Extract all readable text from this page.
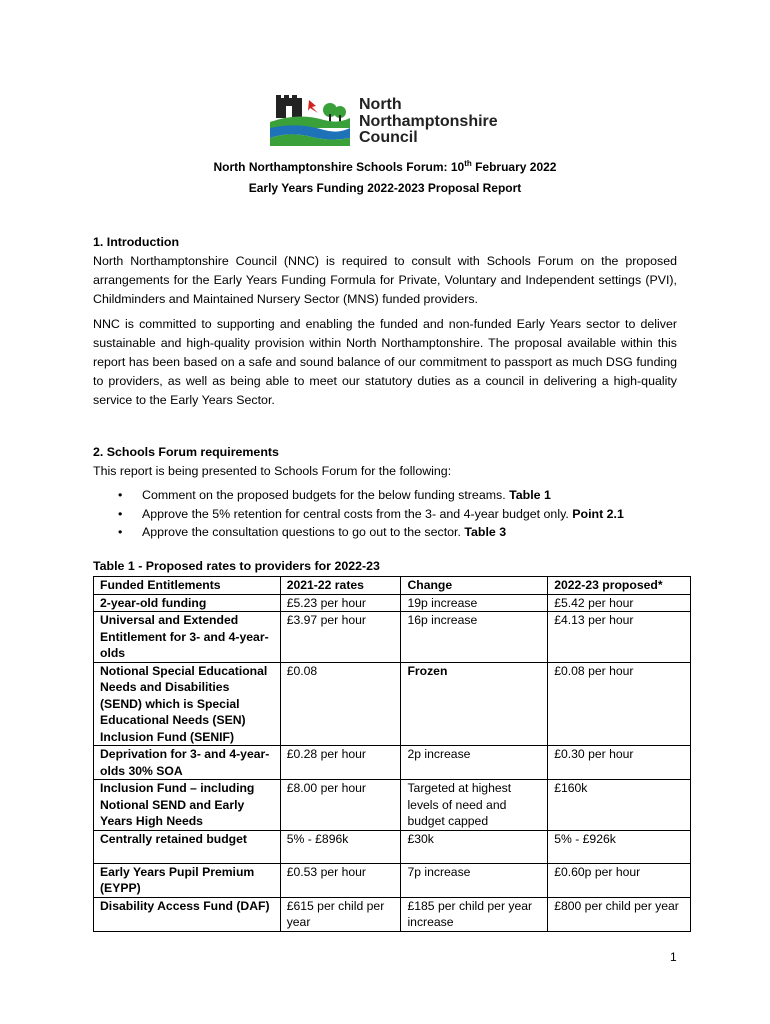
North
Northamptonshire
Council
North Northamptonshire Schools Forum: 10th February 2022
Early Years Funding 2022-2023 Proposal Report
1. Introduction

North Northamptonshire Council (NNC) is required to consult with Schools Forum on the proposed arrangements for the Early Years Funding Formula for Private, Voluntary and Independent settings (PVI), Childminders and Maintained Nursery Sector (MNS) funded providers.

NNC is committed to supporting and enabling the funded and non-funded Early Years sector to deliver sustainable and high-quality provision within North Northamptonshire. The proposal available within this report has been based on a safe and sound balance of our commitment to passport as much DSG funding to providers, as well as being able to meet our statutory duties as a council in delivering a high-quality service to the Early Years Sector.

2. Schools Forum requirements

This report is being presented to Schools Forum for the following:

• Comment on the proposed budgets for the below funding streams. Table 1
• Approve the 5% retention for central costs from the 3- and 4-year budget only. Point 2.1
• Approve the consultation questions to go out to the sector. Table 3
Table 1 - Proposed rates to providers for 2022-23
Funded Entitlements	2021-22 rates	Change	2022-23 proposed*
2-year-old funding	£5.23 per hour	19p increase	£5.42 per hour
Universal and Extended Entitlement for 3- and 4-year-olds	£3.97 per hour	16p increase	£4.13 per hour
Notional Special Educational Needs and Disabilities (SEND) which is Special Educational Needs (SEN) Inclusion Fund (SENIF)	£0.08	Frozen	£0.08 per hour
Deprivation for 3- and 4-year-olds 30% SOA	£0.28 per hour	2p increase	£0.30 per hour
Inclusion Fund – including Notional SEND and Early Years High Needs	£8.00 per hour	Targeted at highest levels of need and budget capped	£160k
Centrally retained budget	5% - £896k	£30k	5% - £926k
Early Years Pupil Premium (EYPP)	£0.53 per hour	7p increase	£0.60p per hour
Disability Access Fund (DAF)	£615 per child per year	£185 per child per year increase	£800 per child per year
1
